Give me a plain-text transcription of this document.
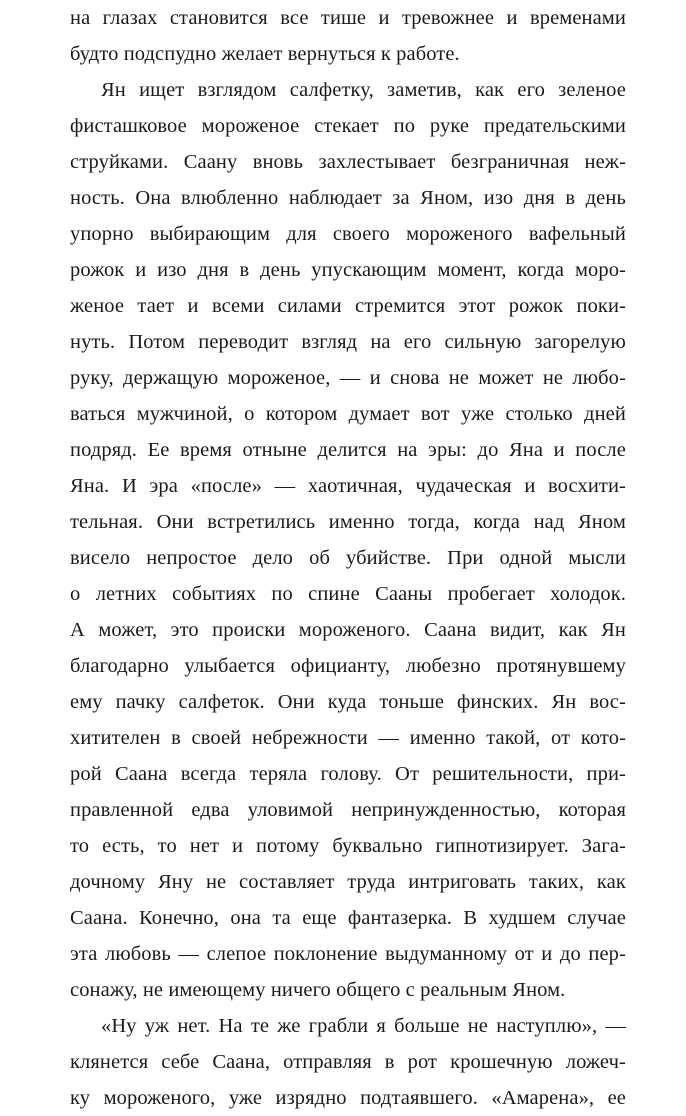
на глазах становится все тише и тревожнее и временами
будто подспудно желает вернуться к работе.
Ян ищет взглядом салфетку, заметив, как его зеленое
фисташковое мороженое стекает по руке предательскими
струйками. Саану вновь захлестывает безграничная неж-
ность. Она влюбленно наблюдает за Яном, изо дня в день
упорно выбирающим для своего мороженого вафельный
рожок и изо дня в день упускающим момент, когда моро-
женое тает и всеми силами стремится этот рожок поки-
нуть. Потом переводит взгляд на его сильную загорелую
руку, держащую мороженое, — и снова не может не любо-
ваться мужчиной, о котором думает вот уже столько дней
подряд. Ее время отныне делится на эры: до Яна и после
Яна. И эра «после» — хаотичная, чудаческая и восхити-
тельная. Они встретились именно тогда, когда над Яном
висело непростое дело об убийстве. При одной мысли
о летних событиях по спине Сааны пробегает холодок.
А может, это происки мороженого. Саана видит, как Ян
благодарно улыбается официанту, любезно протянувшему
ему пачку салфеток. Они куда тоньше финских. Ян вос-
хитителен в своей небрежности — именно такой, от кото-
рой Саана всегда теряла голову. От решительности, при-
правленной едва уловимой непринужденностью, которая
то есть, то нет и потому буквально гипнотизирует. Зага-
дочному Яну не составляет труда интриговать таких, как
Саана. Конечно, она та еще фантазерка. В худшем случае
эта любовь — слепое поклонение выдуманному от и до пер-
сонажу, не имеющему ничего общего с реальным Яном.
«Ну уж нет. На те же грабли я больше не наступлю», —
клянется себе Саана, отправляя в рот крошечную ложеч-
ку мороженого, уже изрядно подтаявшего. «Амарена», ее
